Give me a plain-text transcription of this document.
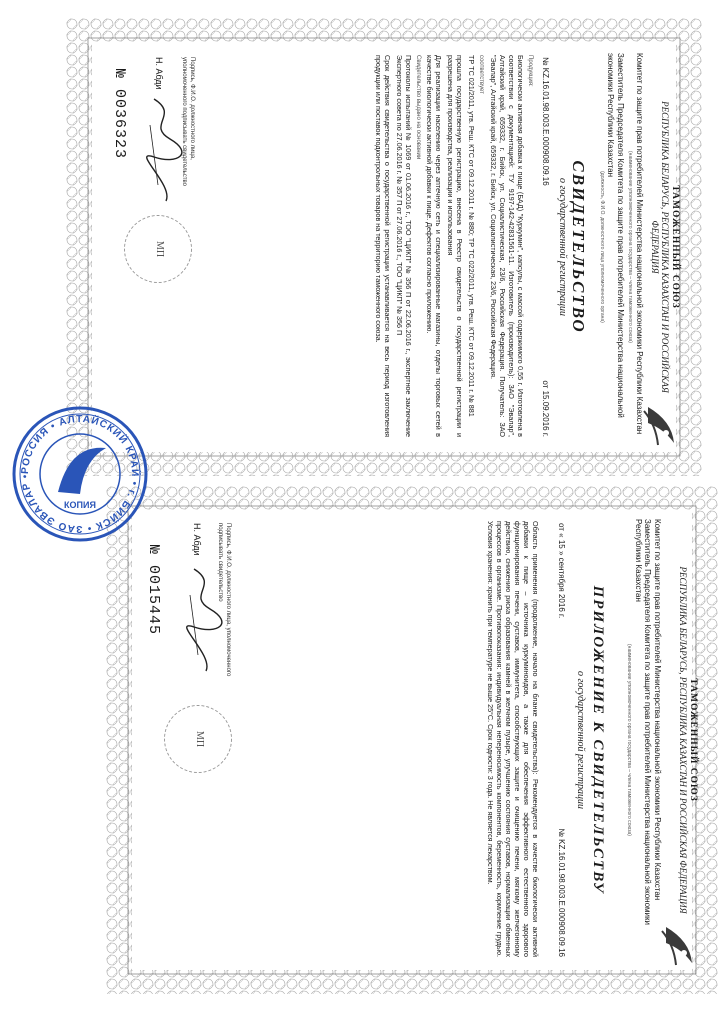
ТАМОЖЕННЫЙ СОЮЗ
РЕСПУБЛИКА БЕЛАРУСЬ, РЕСПУБЛИКА КАЗАХСТАН И РОССИЙСКАЯ ФЕДЕРАЦИЯ
Комитет по защите прав потребителей Министерства национальной экономики Республики Казахстан
(наименование уполномоченного органа государства – члена таможенного союза)
Заместитель Председателя Комитета по защите прав потребителей Министерства национальной экономики Республики Казахстан
(должность, Ф.И.О. должностного лица уполномоченного органа)
СВИДЕТЕЛЬСТВО
о государственной регистрации
№ KZ.16.01.98.003.Е.000908.09.16
от 15.09.2016 г.
Продукция:
Биологически активная добавка к пище (БАД) "Куркумин", капсулы, с массой содержимого 0,55 г. Изготовлена в соответствии с документацией: ТУ 9197-142-42831561-11. Изготовитель (производитель): ЗАО "Эвалар", Алтайский край, 659332, г. Бийск, ул. Социалистическая, 23/6, Российская Федерация. Получатель: ЗАО "Эвалар", Алтайский край, 659332, г. Бийск, ул. Социалистическая, 23/6, Российская Федерация.
соответствует
ТР ТС 021/2011, утв. Реш. КТС от 09.12.2011 г. № 880; ТР ТС 022/2011, утв. Реш. КТС от 09.12.2011 г. № 881
прошла государственную регистрацию, внесена в Реестр свидетельств о государственной регистрации и разрешена для производства, реализации и использования
Для реализации населению через аптечную сеть и специализированные магазины, отделы торговых сетей в качестве биологически активной добавки к пище. Дефектов согласно приложению.
Свидетельство выдано на основании
Протоколы испытаний № 1069 от 01.06.2016 г., ТОО "ЦИКП" № 356 П от 22.06.2016 г., экспертное заключение Экспертного совета по 27.06.2016 г. № 357 П от 27.06.2016 г., ТОО "ЦИКП" № 356 П
Срок действия свидетельства о государственной регистрации устанавливается на весь период изготовления продукции или поставок подконтрольных товаров на территорию таможенного союза.
МП
Подпись, Ф.И.О. должностного лица, уполномоченного подписывать свидетельство
Н. Абди
№ 0036323
ТАМОЖЕННЫЙ СОЮЗ
РЕСПУБЛИКА БЕЛАРУСЬ, РЕСПУБЛИКА КАЗАХСТАН И РОССИЙСКАЯ ФЕДЕРАЦИЯ
Комитет по защите прав потребителей Министерства национальной экономики Республики Казахстан
Заместитель Председателя Комитета по защите прав потребителей Министерства национальной экономики Республики Казахстан
(наименование уполномоченного органа государства – члена таможенного союза)
ПРИЛОЖЕНИЕ К СВИДЕТЕЛЬСТВУ
о государственной регистрации
от « 15 » сентября 2016 г.
№ KZ.16.01.98.003.Е.000908.09.16
Область применения (продолжение, начало на бланке свидетельства): Рекомендуется в качестве биологически активной добавки к пище – источника куркуминоидов, а также для обеспечения эффективного естественного здорового функционирования печени, суставов, иммунитета, способствующих защите и очищению печени, мягкому желчегонному действию, снижению риска образования камней в желчном пузыре, улучшению состояния суставов, нормализации обменных процессов в организме. Противопоказания: индивидуальная непереносимость компонентов, беременность, кормление грудью. Условия хранения: хранить при температуре не выше 25°С. Срок годности: 3 года. Не является лекарством.
МП
Подпись, Ф.И.О. должностного лица, уполномоченного подписывать свидетельство
Н. Абди
№ 0015445
РОССИЯ • АЛТАЙСКИЙ КРАЙ • г. БИЙСК • ЗАО ЭВАЛАР •
КОПИЯ
